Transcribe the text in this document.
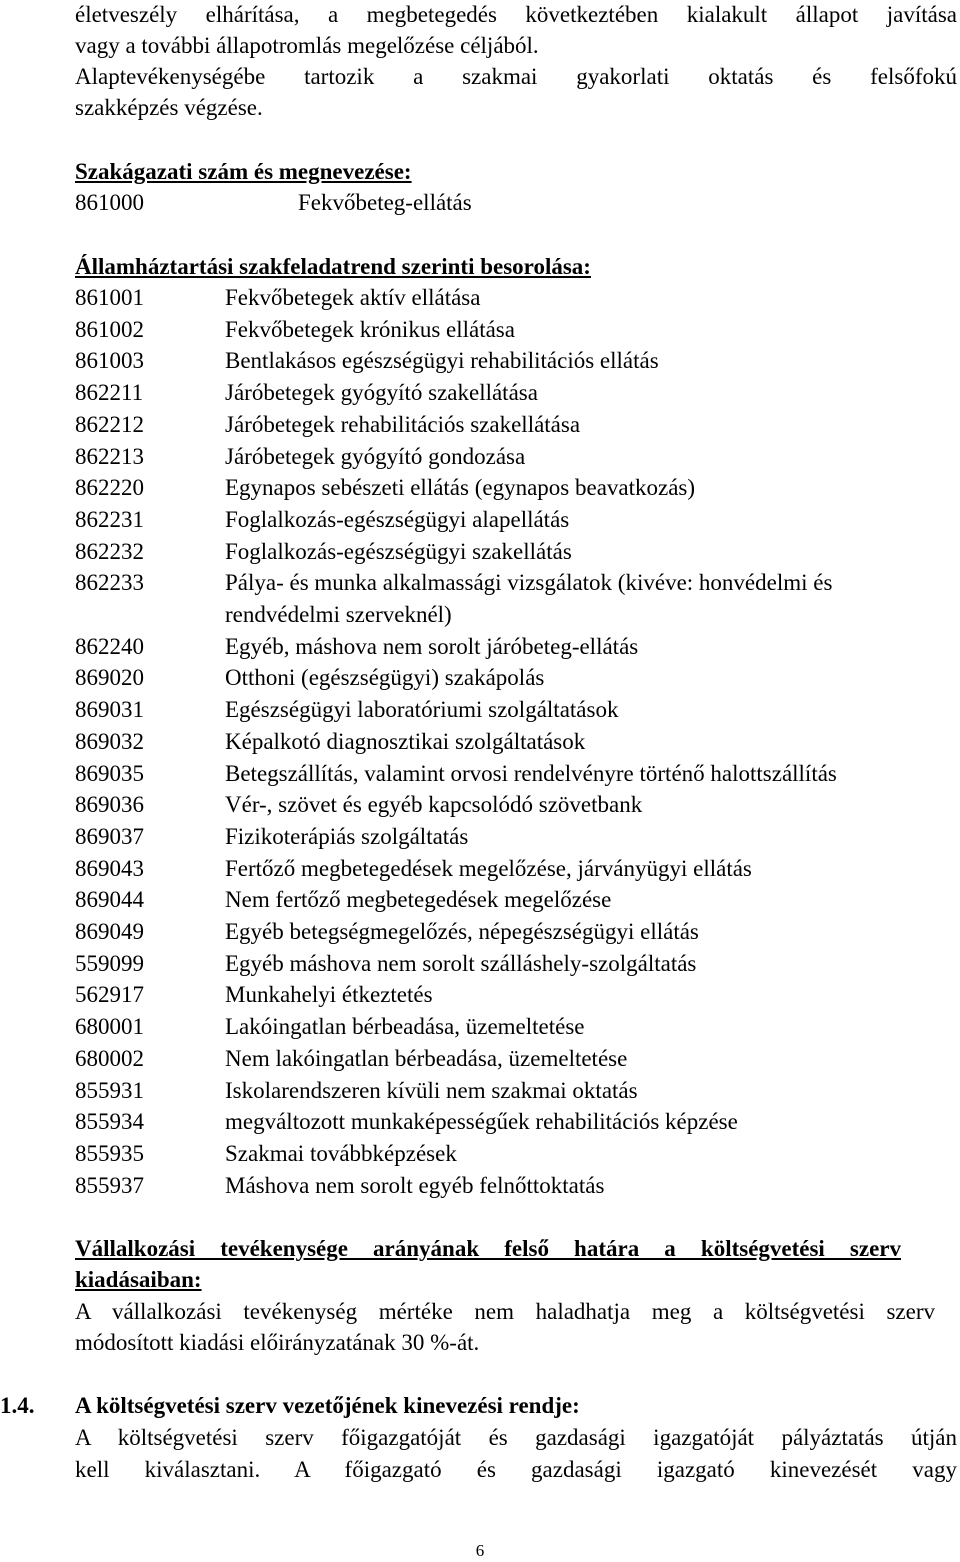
életveszély elhárítása, a megbetegedés következtében kialakult állapot javítása
vagy a további állapotromlás megelőzése céljából.
Alaptevékenységébe tartozik a szakmai gyakorlati oktatás és felsőfokú
szakképzés végzése.
Szakágazati szám és megnevezése:
861000	Fekvőbeteg-ellátás
Államháztartási szakfeladatrend szerinti besorolása:
861001	Fekvőbetegek aktív ellátása
861002	Fekvőbetegek krónikus ellátása
861003	Bentlakásos egészségügyi rehabilitációs ellátás
862211	Járóbetegek gyógyító szakellátása
862212	Járóbetegek rehabilitációs szakellátása
862213	Járóbetegek gyógyító gondozása
862220	Egynapos sebészeti ellátás (egynapos beavatkozás)
862231	Foglalkozás-egészségügyi alapellátás
862232	Foglalkozás-egészségügyi szakellátás
862233	Pálya- és munka alkalmassági vizsgálatok (kivéve: honvédelmi és
rendvédelmi szerveknél)
862240	Egyéb, máshova nem sorolt járóbeteg-ellátás
869020	Otthoni (egészségügyi) szakápolás
869031	Egészségügyi laboratóriumi szolgáltatások
869032	Képalkotó diagnosztikai szolgáltatások
869035	Betegszállítás, valamint orvosi rendelvényre történő halottszállítás
869036	Vér-, szövet és egyéb kapcsolódó szövetbank
869037	Fizikoterápiás szolgáltatás
869043	Fertőző megbetegedések megelőzése, járványügyi ellátás
869044	Nem fertőző megbetegedések megelőzése
869049	Egyéb betegségmegelőzés, népegészségügyi ellátás
559099	Egyéb máshova nem sorolt szálláshely-szolgáltatás
562917	Munkahelyi étkeztetés
680001	Lakóingatlan bérbeadása, üzemeltetése
680002	Nem lakóingatlan bérbeadása, üzemeltetése
855931	Iskolarendszeren kívüli nem szakmai oktatás
855934	megváltozott munkaképességűek rehabilitációs képzése
855935	Szakmai továbbképzések
855937	Máshova nem sorolt egyéb felnőttoktatás
Vállalkozási tevékenysége arányának felső határa a költségvetési szerv
kiadásaiban:
A vállalkozási tevékenység mértéke nem haladhatja meg a költségvetési szerv
módosított kiadási előirányzatának 30 %-át.
1.4. A költségvetési szerv vezetőjének kinevezési rendje:
A költségvetési szerv főigazgatóját és gazdasági igazgatóját pályáztatás útján
kell kiválasztani. A főigazgató és gazdasági igazgató kinevezését vagy
6
